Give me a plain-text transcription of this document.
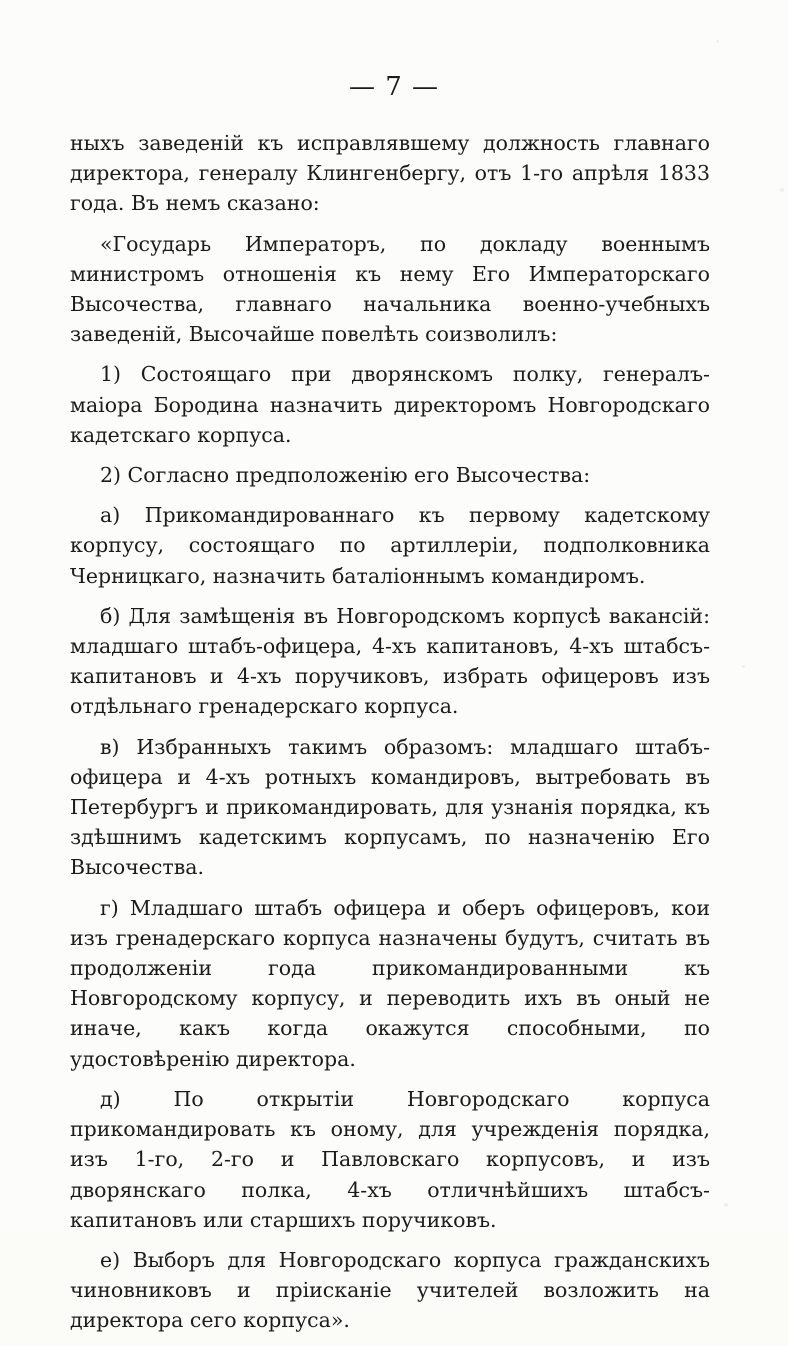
— 7 —

ныхъ заведеній къ исправлявшему должность главнаго директора, генералу Клингенбергу, отъ 1-го апрѣля 1833 года. Въ немъ сказано:

«Государь Императоръ, по докладу военнымъ министромъ отношенія къ нему Его Императорскаго Высочества, главнаго начальника военно-учебныхъ заведеній, Высочайше повелѣть соизволилъ:

1) Состоящаго при дворянскомъ полку, генералъ-маіора Бородина назначить директоромъ Новгородскаго кадетскаго корпуса.

2) Согласно предположенію его Высочества:

а) Прикомандированнаго къ первому кадетскому корпусу, состоящаго по артиллеріи, подполковника Черницкаго, назначить баталіоннымъ командиромъ.

б) Для замѣщенія въ Новгородскомъ корпусѣ вакансій: младшаго штабъ-офицера, 4-хъ капитановъ, 4-хъ штабсъ-капитановъ и 4-хъ поручиковъ, избрать офицеровъ изъ отдѣльнаго гренадерскаго корпуса.

в) Избранныхъ такимъ образомъ: младшаго штабъ-офицера и 4-хъ ротныхъ командировъ, вытребовать въ Петербургъ и прикомандировать, для узнанія порядка, къ здѣшнимъ кадетскимъ корпусамъ, по назначенію Его Высочества.

г) Младшаго штабъ офицера и оберъ офицеровъ, кои изъ гренадерскаго корпуса назначены будутъ, считать въ продолженіи года прикомандированными къ Новгородскому корпусу, и переводить ихъ въ оный не иначе, какъ когда окажутся способными, по удостовѣренію директора.

д) По открытіи Новгородскаго корпуса прикомандировать къ оному, для учрежденія порядка, изъ 1-го, 2-го и Павловскаго корпусовъ, и изъ дворянскаго полка, 4-хъ отличнѣйшихъ штабсъ-капитановъ или старшихъ поручиковъ.

е) Выборъ для Новгородскаго корпуса гражданскихъ чиновниковъ и пріисканіе учителей возложить на директора сего корпуса».
